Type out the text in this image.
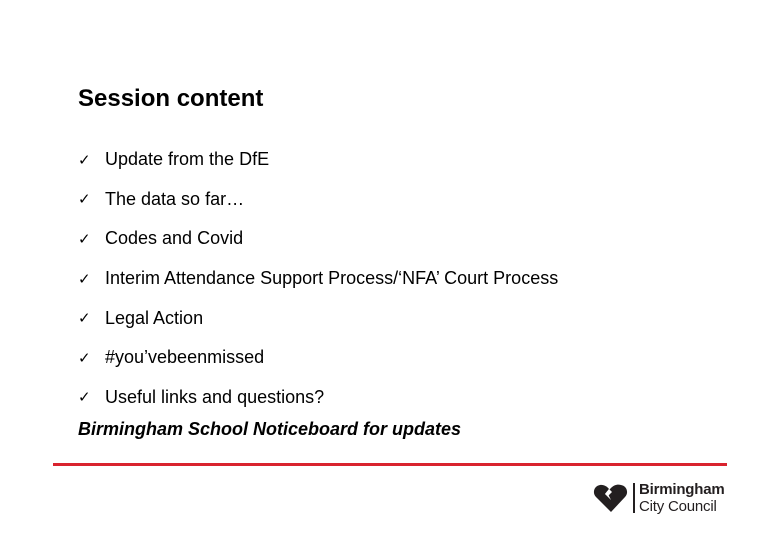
Session content
✓ Update from the DfE
✓ The data so far…
✓ Codes and Covid
✓ Interim Attendance Support Process/‘NFA’ Court Process
✓ Legal Action
✓ #you’vebeenmissed
✓ Useful links and questions?
Birmingham School Noticeboard for updates
Birmingham
City Council
